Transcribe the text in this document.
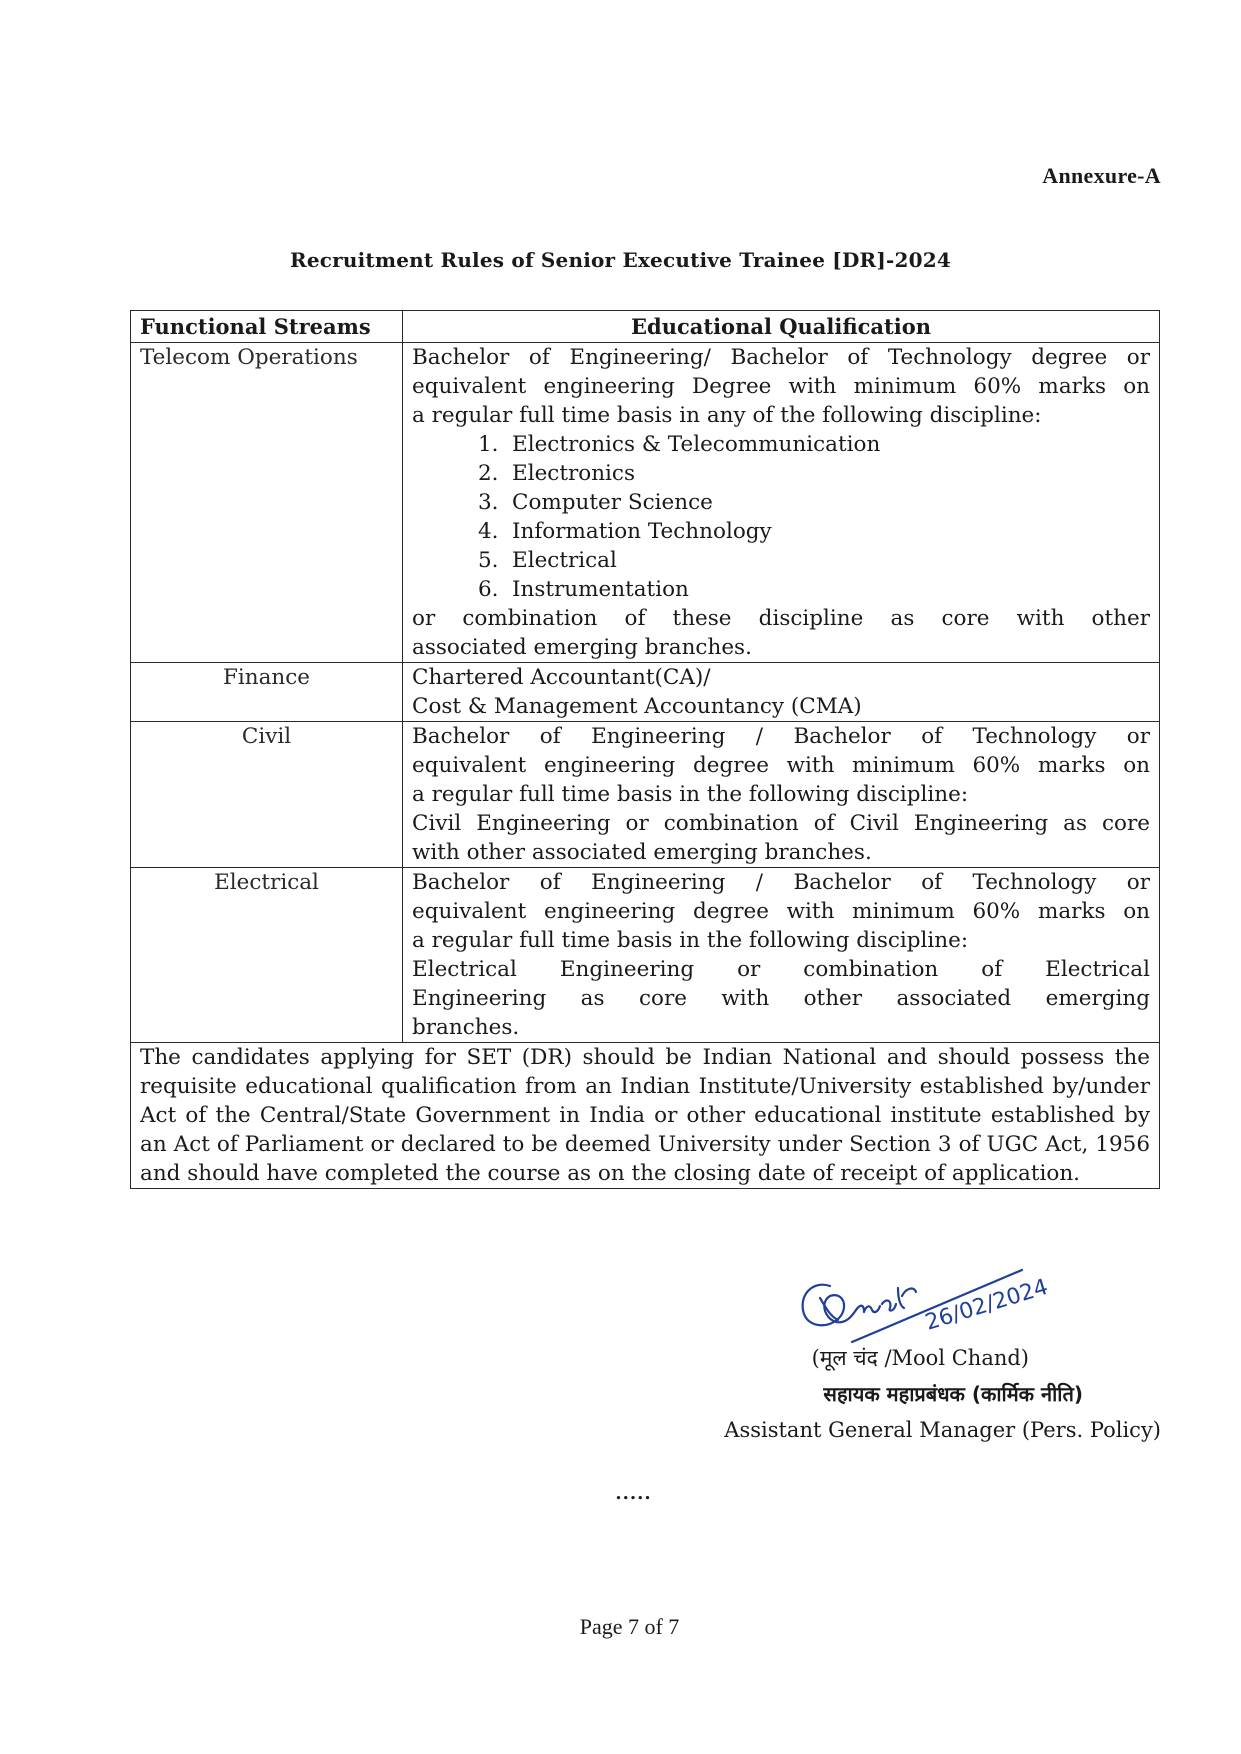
Annexure-A
Recruitment Rules of Senior Executive Trainee [DR]-2024
Functional Streams	Educational Qualification
Telecom Operations	Bachelor of Engineering/ Bachelor of Technology degree or
equivalent engineering Degree with minimum 60% marks on
a regular full time basis in any of the following discipline:
1. Electronics & Telecommunication
2. Electronics
3. Computer Science
4. Information Technology
5. Electrical
6. Instrumentation
or combination of these discipline as core with other
associated emerging branches.

Finance	Chartered Accountant(CA)/
Cost & Management Accountancy (CMA)

Civil	Bachelor of Engineering / Bachelor of Technology or
equivalent engineering degree with minimum 60% marks on
a regular full time basis in the following discipline:
Civil Engineering or combination of Civil Engineering as core
with other associated emerging branches.

Electrical	Bachelor of Engineering / Bachelor of Technology or
equivalent engineering degree with minimum 60% marks on
a regular full time basis in the following discipline:
Electrical Engineering or combination of Electrical
Engineering as core with other associated emerging
branches.

The candidates applying for SET (DR) should be Indian National and should possess the requisite educational qualification from an Indian Institute/University established by/under Act of the Central/State Government in India or other educational institute established by an Act of Parliament or declared to be deemed University under Section 3 of UGC Act, 1956 and should have completed the course as on the closing date of receipt of application.	
26/02/2024
(मूल चंद /Mool Chand)
सहायक महाप्रबंधक (कार्मिक नीति)
Assistant General Manager (Pers. Policy)
.....
Page 7 of 7
